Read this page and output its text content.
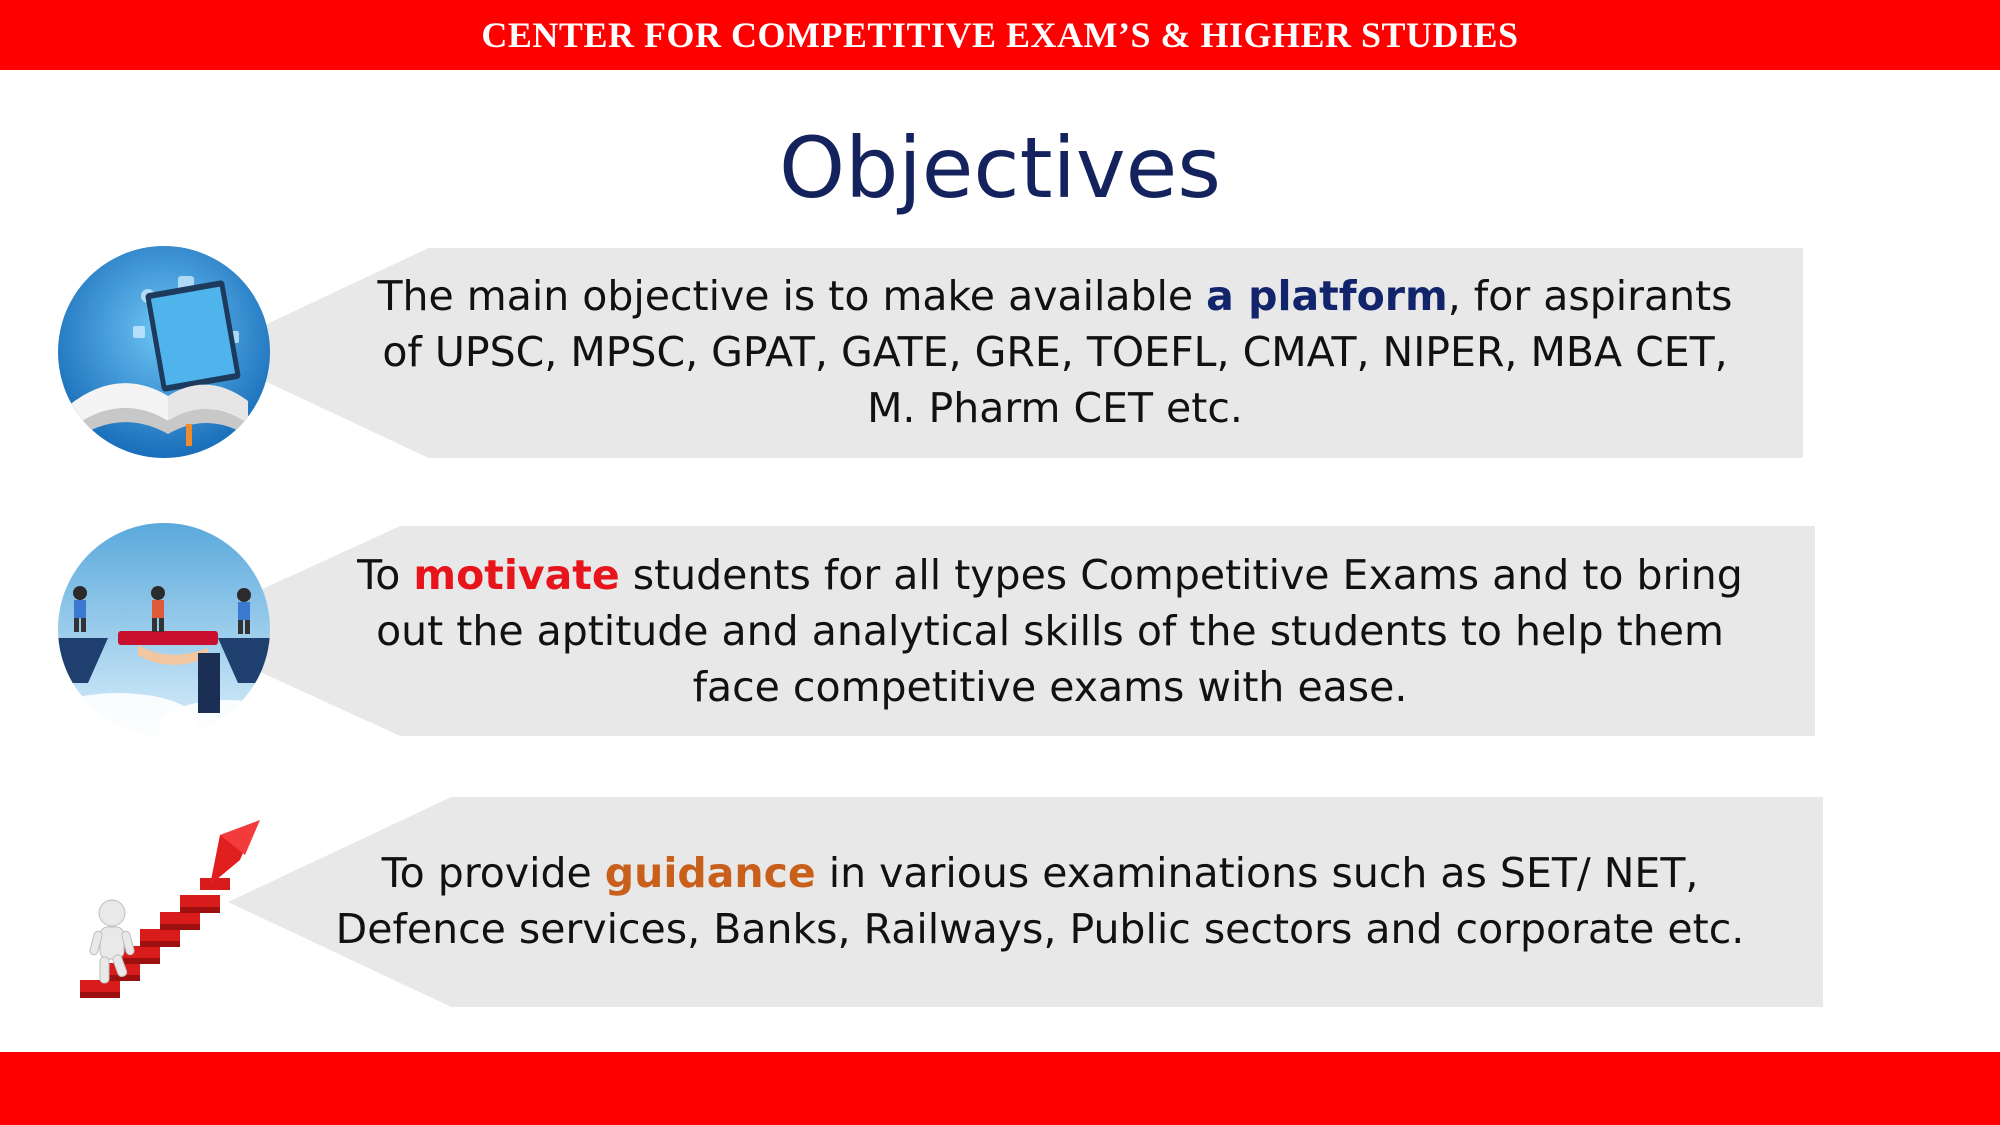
CENTER FOR COMPETITIVE EXAM’S & HIGHER STUDIES
Objectives
The main objective is to make available a platform, for aspirants of UPSC, MPSC, GPAT, GATE, GRE, TOEFL, CMAT, NIPER, MBA CET, M. Pharm CET etc.
To motivate students for all types Competitive Exams and to bring out the aptitude and analytical skills of the students to help them face competitive exams with ease.
To provide guidance in various examinations such as SET/ NET, Defence services, Banks, Railways, Public sectors and corporate etc.
